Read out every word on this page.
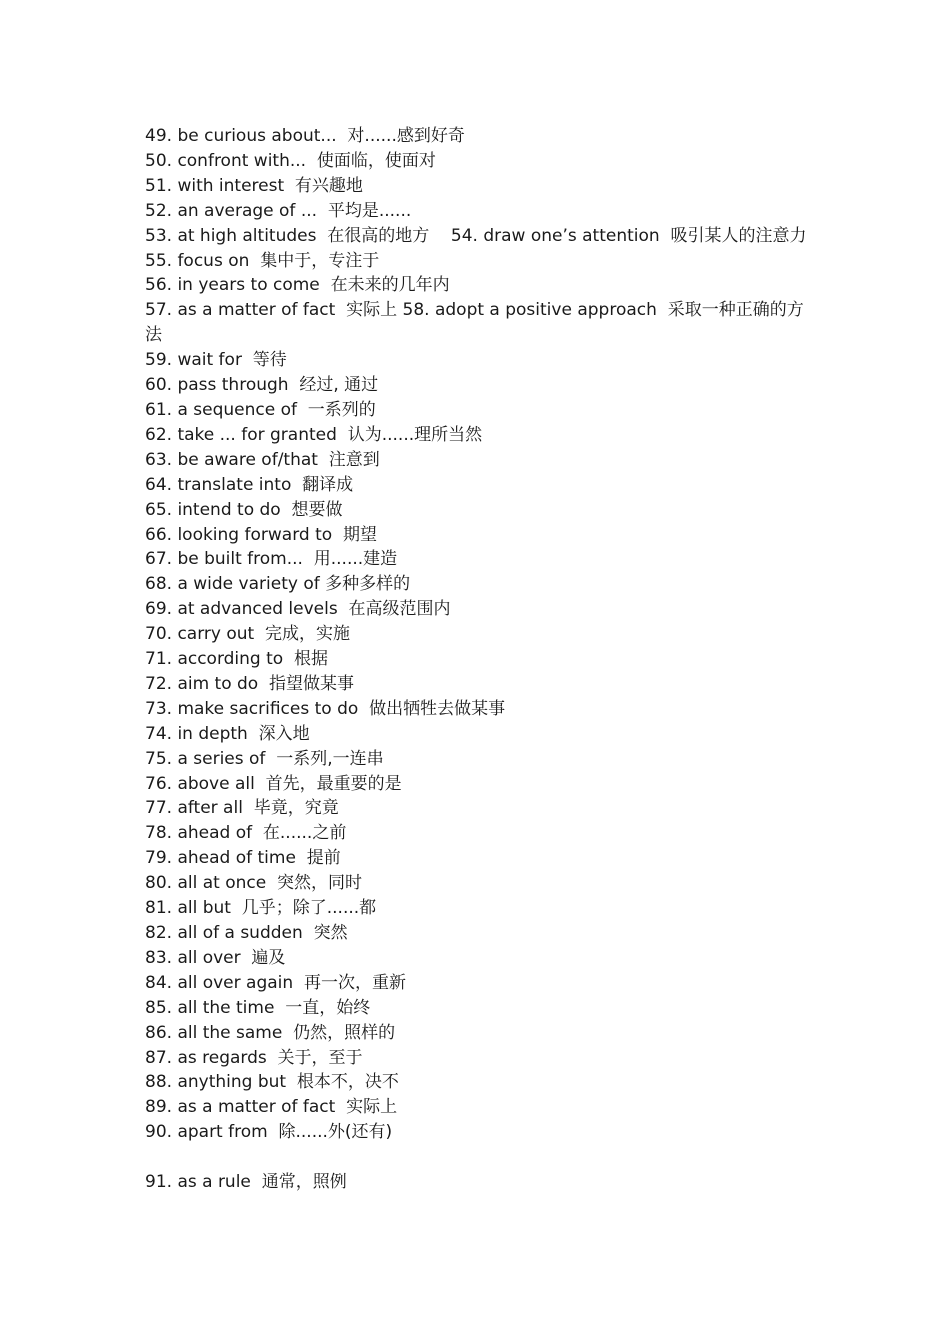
49. be curious about...  对......感到好奇

50. confront with...  使面临，使面对

51. with interest  有兴趣地

52. an average of ...  平均是......

53. at high altitudes  在很高的地方    54. draw one’s attention  吸引某人的注意力

55. focus on  集中于，专注于

56. in years to come  在未来的几年内

57. as a matter of fact  实际上 58. adopt a positive approach  采取一种正确的方法

59. wait for  等待

60. pass through  经过, 通过

61. a sequence of  一系列的

62. take ... for granted  认为......理所当然

63. be aware of/that  注意到

64. translate into  翻译成

65. intend to do  想要做

66. looking forward to  期望

67. be built from...  用......建造

68. a wide variety of 多种多样的

69. at advanced levels  在高级范围内

70. carry out  完成，实施

71. according to  根据

72. aim to do  指望做某事

73. make sacrifices to do  做出牺牲去做某事

74. in depth  深入地

75. a series of  一系列,一连串

76. above all  首先，最重要的是

77. after all  毕竟，究竟

78. ahead of  在......之前

79. ahead of time  提前

80. all at once  突然，同时

81. all but  几乎；除了......都

82. all of a sudden  突然

83. all over  遍及

84. all over again  再一次，重新

85. all the time  一直，始终

86. all the same  仍然，照样的

87. as regards  关于，至于

88. anything but  根本不，决不

89. as a matter of fact  实际上

90. apart from  除......外(还有)

91. as a rule  通常，照例
